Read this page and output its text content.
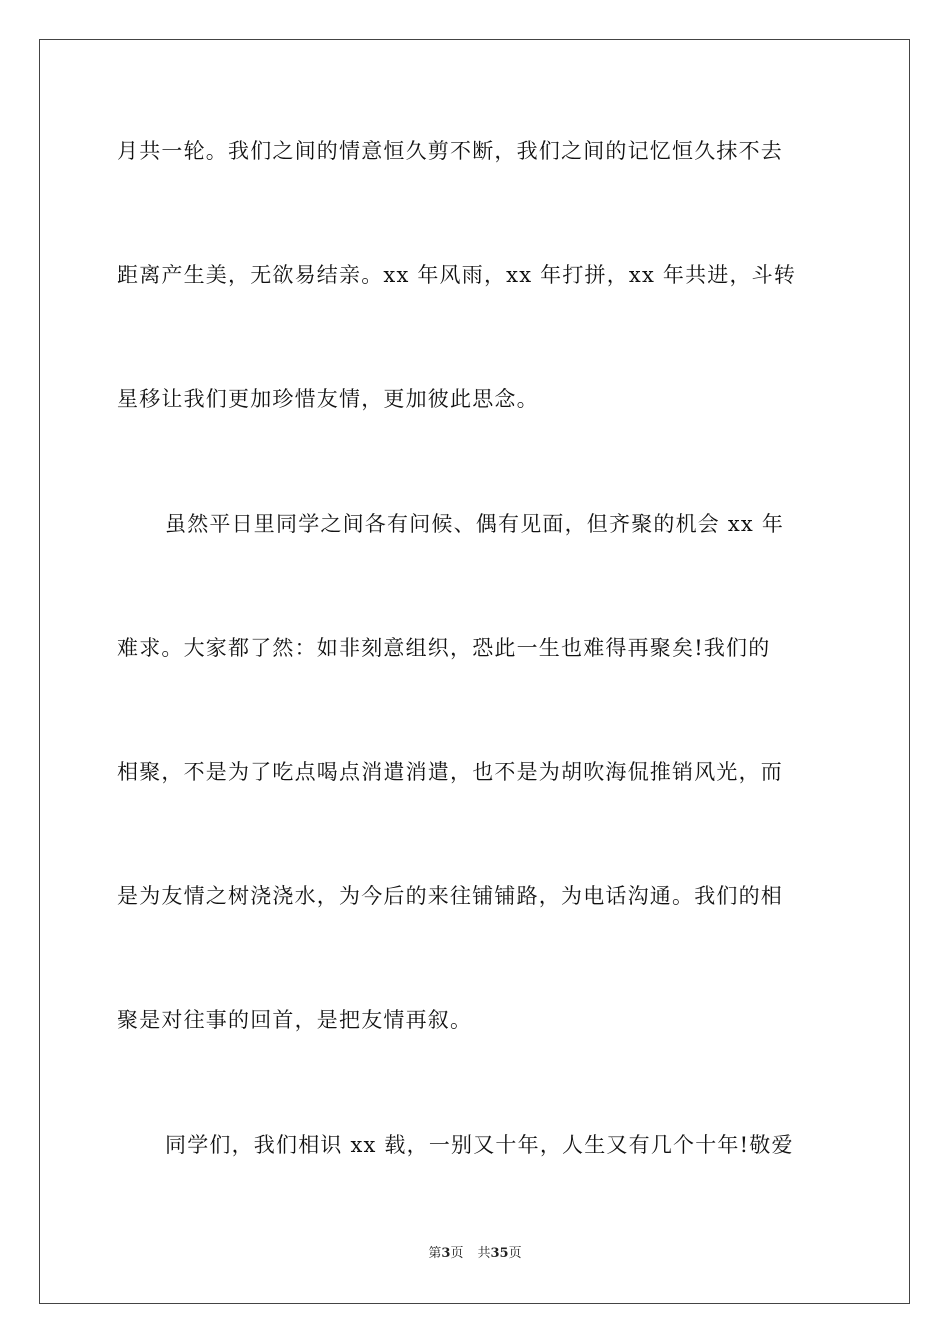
月共一轮。我们之间的情意恒久剪不断，我们之间的记忆恒久抹不去
距离产生美，无欲易结亲。xx 年风雨，xx 年打拼，xx 年共进，斗转
星移让我们更加珍惜友情，更加彼此思念。
虽然平日里同学之间各有问候、偶有见面，但齐聚的机会 xx 年
难求。大家都了然：如非刻意组织，恐此一生也难得再聚矣!我们的
相聚，不是为了吃点喝点消遣消遣，也不是为胡吹海侃推销风光，而
是为友情之树浇浇水，为今后的来往铺铺路，为电话沟通。我们的相
聚是对往事的回首，是把友情再叙。
同学们，我们相识 xx 载，一别又十年，人生又有几个十年!敬爱
第3页 共35页
